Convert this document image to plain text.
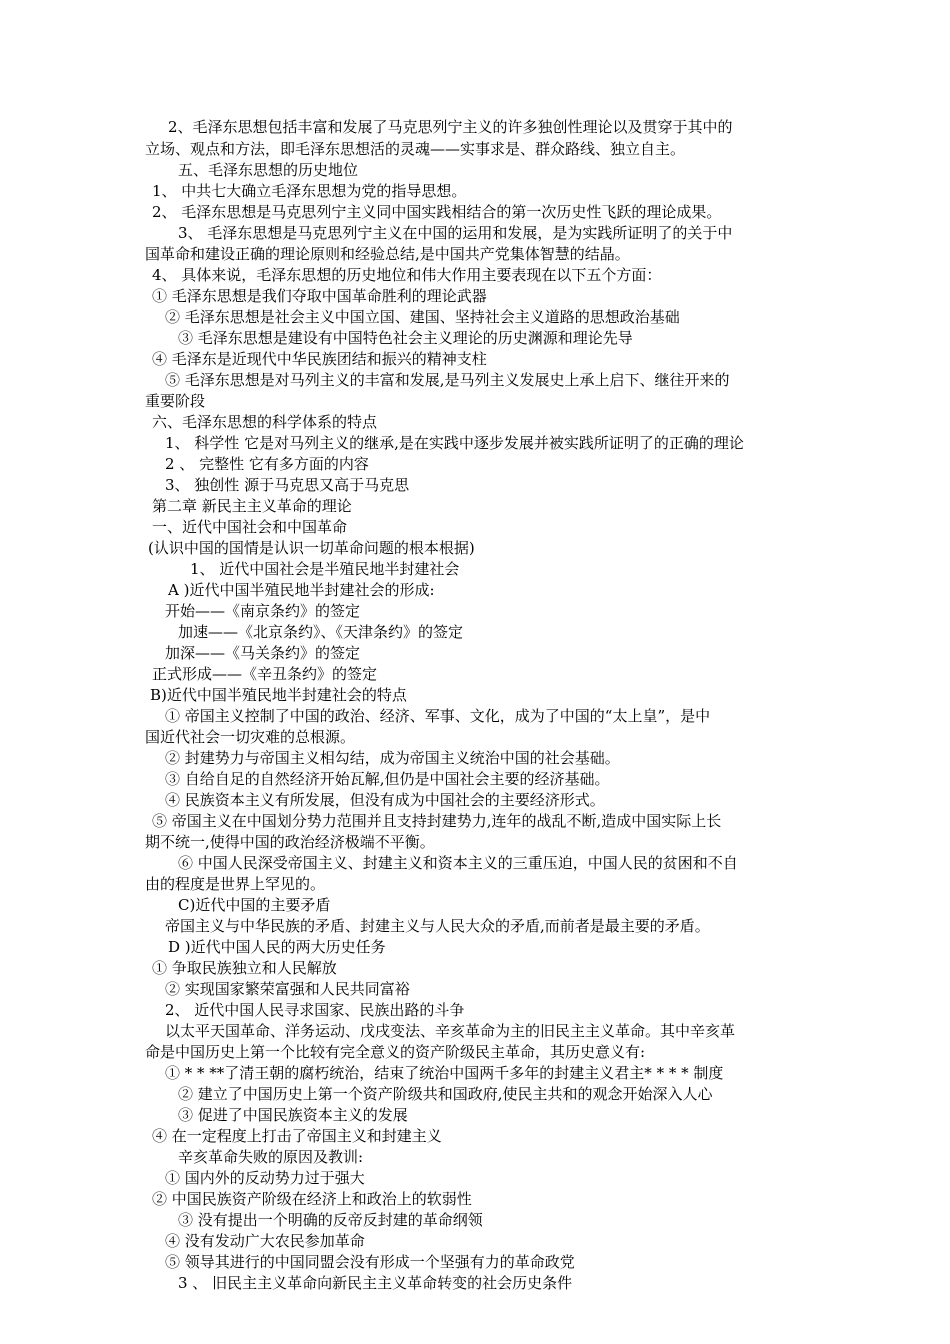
2、毛泽东思想包括丰富和发展了马克思列宁主义的许多独创性理论以及贯穿于其中的
立场、观点和方法，即毛泽东思想活的灵魂——实事求是、群众路线、独立自主。
五、毛泽东思想的历史地位
1、 中共七大确立毛泽东思想为党的指导思想。
2、 毛泽东思想是马克思列宁主义同中国实践相结合的第一次历史性飞跃的理论成果。
3、 毛泽东思想是马克思列宁主义在中国的运用和发展，是为实践所证明了的关于中
国革命和建设正确的理论原则和经验总结,是中国共产党集体智慧的结晶。
4、 具体来说，毛泽东思想的历史地位和伟大作用主要表现在以下五个方面：
① 毛泽东思想是我们夺取中国革命胜利的理论武器
② 毛泽东思想是社会主义中国立国、建国、坚持社会主义道路的思想政治基础
③ 毛泽东思想是建设有中国特色社会主义理论的历史渊源和理论先导
④ 毛泽东是近现代中华民族团结和振兴的精神支柱
⑤ 毛泽东思想是对马列主义的丰富和发展,是马列主义发展史上承上启下、继往开来的
重要阶段
六、毛泽东思想的科学体系的特点
1、 科学性 它是对马列主义的继承,是在实践中逐步发展并被实践所证明了的正确的理论
2 、 完整性 它有多方面的内容
3、 独创性 源于马克思又高于马克思
第二章 新民主主义革命的理论
一、近代中国社会和中国革命
(认识中国的国情是认识一切革命问题的根本根据)
1、 近代中国社会是半殖民地半封建社会
A )近代中国半殖民地半封建社会的形成:
开始——《南京条约》的签定
加速——《北京条约》、《天津条约》的签定
加深——《马关条约》的签定
正式形成——《辛丑条约》的签定
B)近代中国半殖民地半封建社会的特点
① 帝国主义控制了中国的政治、经济、军事、文化，成为了中国的“太上皇”，是中
国近代社会一切灾难的总根源。
② 封建势力与帝国主义相勾结，成为帝国主义统治中国的社会基础。
③ 自给自足的自然经济开始瓦解,但仍是中国社会主要的经济基础。
④ 民族资本主义有所发展，但没有成为中国社会的主要经济形式。
⑤ 帝国主义在中国划分势力范围并且支持封建势力,连年的战乱不断,造成中国实际上长
期不统一,使得中国的政治经济极端不平衡。
⑥ 中国人民深受帝国主义、封建主义和资本主义的三重压迫，中国人民的贫困和不自
由的程度是世界上罕见的。
C)近代中国的主要矛盾
帝国主义与中华民族的矛盾、封建主义与人民大众的矛盾,而前者是最主要的矛盾。
D )近代中国人民的两大历史任务
① 争取民族独立和人民解放
② 实现国家繁荣富强和人民共同富裕
2、 近代中国人民寻求国家、民族出路的斗争
以太平天国革命、洋务运动、戊戌变法、辛亥革命为主的旧民主主义革命。其中辛亥革
命是中国历史上第一个比较有完全意义的资产阶级民主革命，其历史意义有:
① * * **了清王朝的腐朽统治，结束了统治中国两千多年的封建主义君主* * * * 制度
② 建立了中国历史上第一个资产阶级共和国政府,使民主共和的观念开始深入人心
③ 促进了中国民族资本主义的发展
④ 在一定程度上打击了帝国主义和封建主义
辛亥革命失败的原因及教训:
① 国内外的反动势力过于强大
② 中国民族资产阶级在经济上和政治上的软弱性
③ 没有提出一个明确的反帝反封建的革命纲领
④ 没有发动广大农民参加革命
⑤ 领导其进行的中国同盟会没有形成一个坚强有力的革命政党
3 、 旧民主主义革命向新民主主义革命转变的社会历史条件
